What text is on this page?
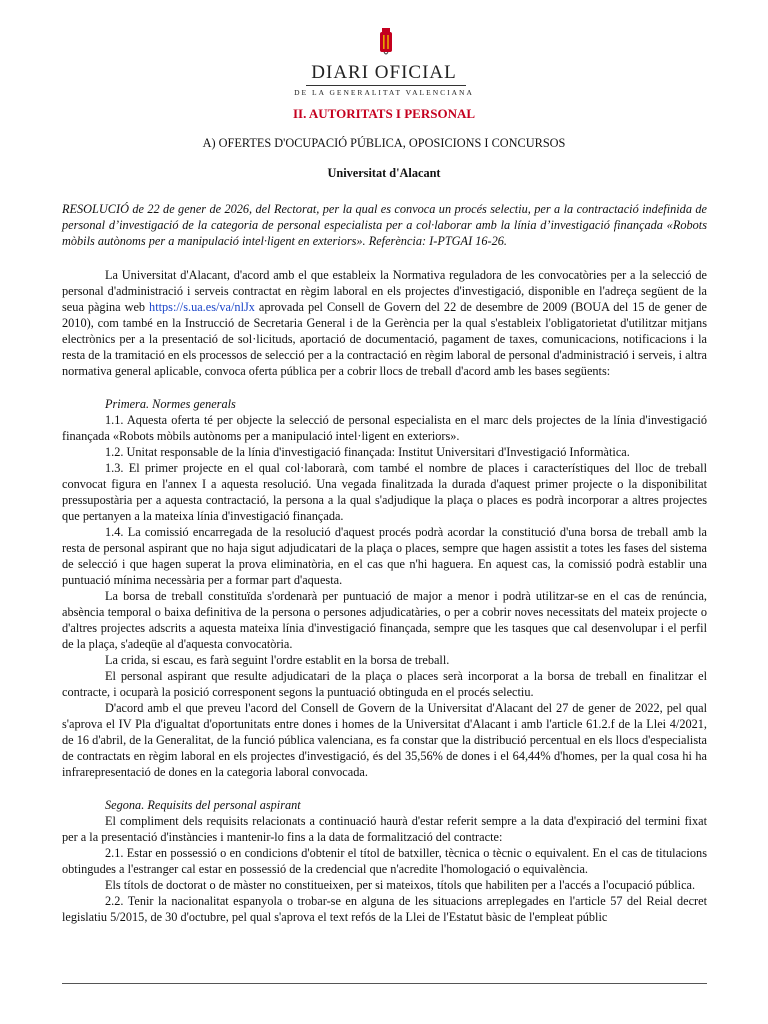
DIARI OFICIAL
DE LA GENERALITAT VALENCIANA
II. AUTORITATS I PERSONAL
A) OFERTES D'OCUPACIÓ PÚBLICA, OPOSICIONS I CONCURSOS
Universitat d'Alacant
RESOLUCIÓ de 22 de gener de 2026, del Rectorat, per la qual es convoca un procés selectiu, per a la contractació indefinida de personal d’investigació de la categoria de personal especialista per a col·laborar amb la línia d’investigació finançada «Robots mòbils autònoms per a manipulació intel·ligent en exteriors». Referència: I-PTGAI 16-26.

La Universitat d'Alacant, d'acord amb el que estableix la Normativa reguladora de les convocatòries per a la selecció de personal d'administració i serveis contractat en règim laboral en els projectes d'investigació, disponible en l'adreça següent de la seua pàgina web https://s.ua.es/va/nlJx aprovada pel Consell de Govern del 22 de desembre de 2009 (BOUA del 15 de gener de 2010), com també en la Instrucció de Secretaria General i de la Gerència per la qual s'estableix l'obligatorietat d'utilitzar mitjans electrònics per a la presentació de sol·licituds, aportació de documentació, pagament de taxes, comunicacions, notificacions i la resta de la tramitació en els processos de selecció per a la contractació en règim laboral de personal d'administració i serveis, i altra normativa general aplicable, convoca oferta pública per a cobrir llocs de treball d'acord amb les bases següents:

Primera. Normes generals

1.1. Aquesta oferta té per objecte la selecció de personal especialista en el marc dels projectes de la línia d'investigació finançada «Robots mòbils autònoms per a manipulació intel·ligent en exteriors».

1.2. Unitat responsable de la línia d'investigació finançada: Institut Universitari d'Investigació Informàtica.

1.3. El primer projecte en el qual col·laborarà, com també el nombre de places i característiques del lloc de treball convocat figura en l'annex I a aquesta resolució. Una vegada finalitzada la durada d'aquest primer projecte o la disponibilitat pressupostària per a aquesta contractació, la persona a la qual s'adjudique la plaça o places es podrà incorporar a altres projectes que pertanyen a la mateixa línia d'investigació finançada.

1.4. La comissió encarregada de la resolució d'aquest procés podrà acordar la constitució d'una borsa de treball amb la resta de personal aspirant que no haja sigut adjudicatari de la plaça o places, sempre que hagen assistit a totes les fases del sistema de selecció i que hagen superat la prova eliminatòria, en el cas que n'hi haguera. En aquest cas, la comissió podrà establir una puntuació mínima necessària per a formar part d'aquesta.

La borsa de treball constituïda s'ordenarà per puntuació de major a menor i podrà utilitzar-se en el cas de renúncia, absència temporal o baixa definitiva de la persona o persones adjudicatàries, o per a cobrir noves necessitats del mateix projecte o d'altres projectes adscrits a aquesta mateixa línia d'investigació finançada, sempre que les tasques que cal desenvolupar i el perfil de la plaça, s'adeqüe al d'aquesta convocatòria.

La crida, si escau, es farà seguint l'ordre establit en la borsa de treball.

El personal aspirant que resulte adjudicatari de la plaça o places serà incorporat a la borsa de treball en finalitzar el contracte, i ocuparà la posició corresponent segons la puntuació obtinguda en el procés selectiu.

D'acord amb el que preveu l'acord del Consell de Govern de la Universitat d'Alacant del 27 de gener de 2022, pel qual s'aprova el IV Pla d'igualtat d'oportunitats entre dones i homes de la Universitat d'Alacant i amb l'article 61.2.f de la Llei 4/2021, de 16 d'abril, de la Generalitat, de la funció pública valenciana, es fa constar que la distribució percentual en els llocs d'especialista de contractats en règim laboral en els projectes d'investigació, és del 35,56% de dones i el 64,44% d'homes, per la qual cosa hi ha infrarepresentació de dones en la categoria laboral convocada.

Segona. Requisits del personal aspirant

El compliment dels requisits relacionats a continuació haurà d'estar referit sempre a la data d'expiració del termini fixat per a la presentació d'instàncies i mantenir-lo fins a la data de formalització del contracte:

2.1. Estar en possessió o en condicions d'obtenir el títol de batxiller, tècnica o tècnic o equivalent. En el cas de titulacions obtingudes a l'estranger cal estar en possessió de la credencial que n'acredite l'homologació o equivalència.

Els títols de doctorat o de màster no constitueixen, per si mateixos, títols que habiliten per a l'accés a l'ocupació pública.

2.2. Tenir la nacionalitat espanyola o trobar-se en alguna de les situacions arreplegades en l'article 57 del Reial decret legislatiu 5/2015, de 30 d'octubre, pel qual s'aprova el text refós de la Llei de l'Estatut bàsic de l'empleat públic
